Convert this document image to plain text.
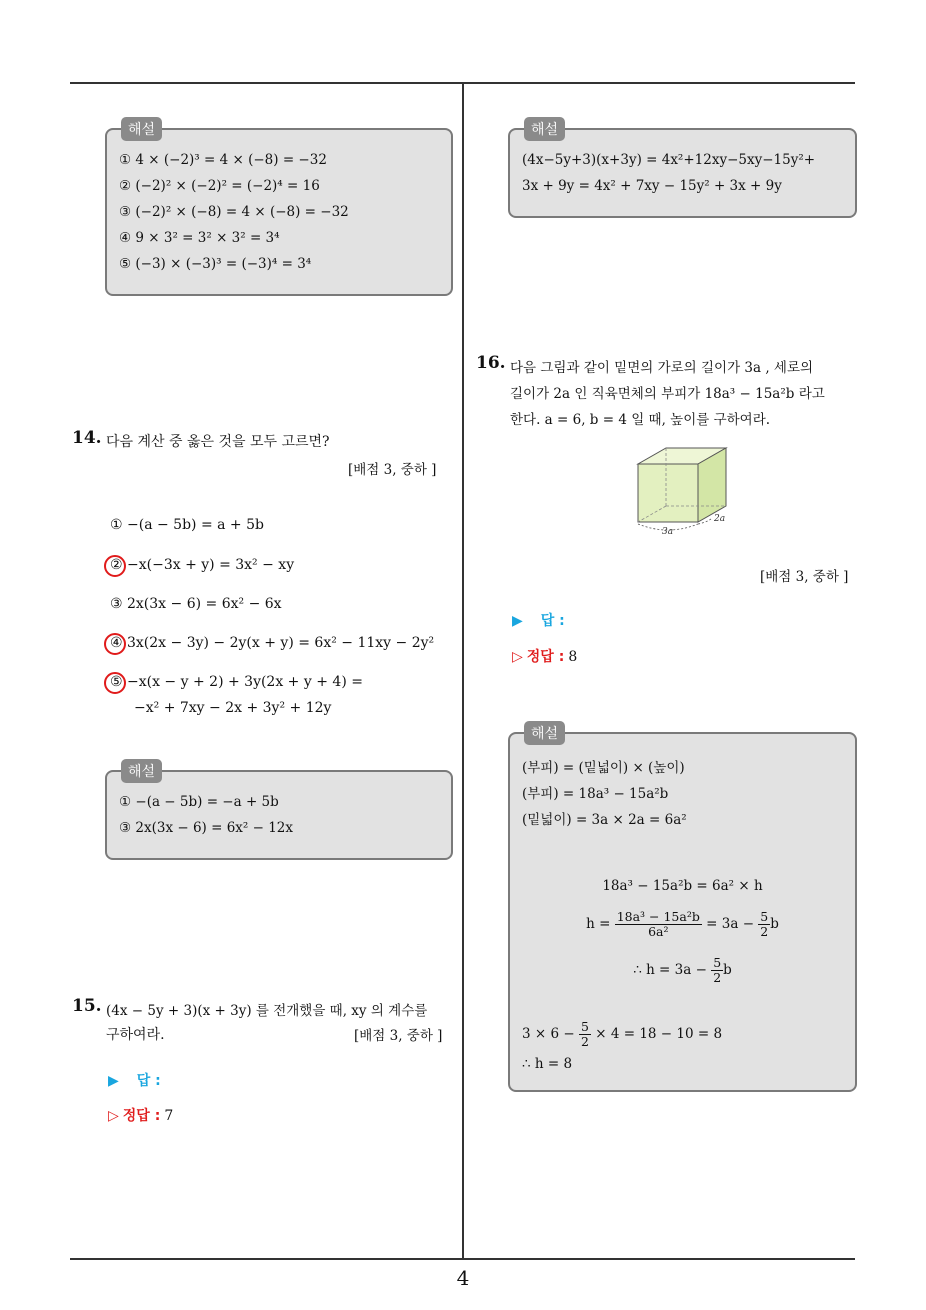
4
해설
① 4 × (−2)³ = 4 × (−8) = −32
② (−2)² × (−2)² = (−2)⁴ = 16
③ (−2)² × (−8) = 4 × (−8) = −32
④ 9 × 3² = 3² × 3² = 3⁴
⑤ (−3) × (−3)³ = (−3)⁴ = 3⁴
14. 다음 계산 중 옳은 것을 모두 고르면?
[배점 3, 중하 ]
① −(a − 5b) = a + 5b
② −x(−3x + y) = 3x² − xy
③ 2x(3x − 6) = 6x² − 6x
④ 3x(2x − 3y) − 2y(x + y) = 6x² − 11xy − 2y²
⑤ −x(x − y + 2) + 3y(2x + y + 4) =
−x² + 7xy − 2x + 3y² + 12y
해설
① −(a − 5b) = −a + 5b
③ 2x(3x − 6) = 6x² − 12x
15. (4x − 5y + 3)(x + 3y) 를 전개했을 때, xy 의 계수를
구하여라.	[배점 3, 중하 ]
▶ 답 :
▷ 정답 : 7
해설
(4x−5y+3)(x+3y) = 4x²+12xy−5xy−15y²+
3x + 9y = 4x² + 7xy − 15y² + 3x + 9y
16. 다음 그림과 같이 밑면의 가로의 길이가 3a , 세로의
길이가 2a 인 직육면체의 부피가 18a³ − 15a²b 라고
한다. a = 6, b = 4 일 때, 높이를 구하여라.
3a
2a
[배점 3, 중하 ]
▶ 답 :
▷ 정답 : 8
해설
(부피) = (밑넓이) × (높이)
(부피) = 18a³ − 15a²b
(밑넓이) = 3a × 2a = 6a²
18a³ − 15a²b = 6a² × h
$h = \frac{\text{18a³ − 15a²b}}{\text{6a²}} = 3a - \frac{5}{2}$ b
∴ $h = 3a - \frac{5}{2}$ b
$3 \times 6 - \frac{5}{2} \times 4 = 18 - 10 = 8$
∴ h = 8
